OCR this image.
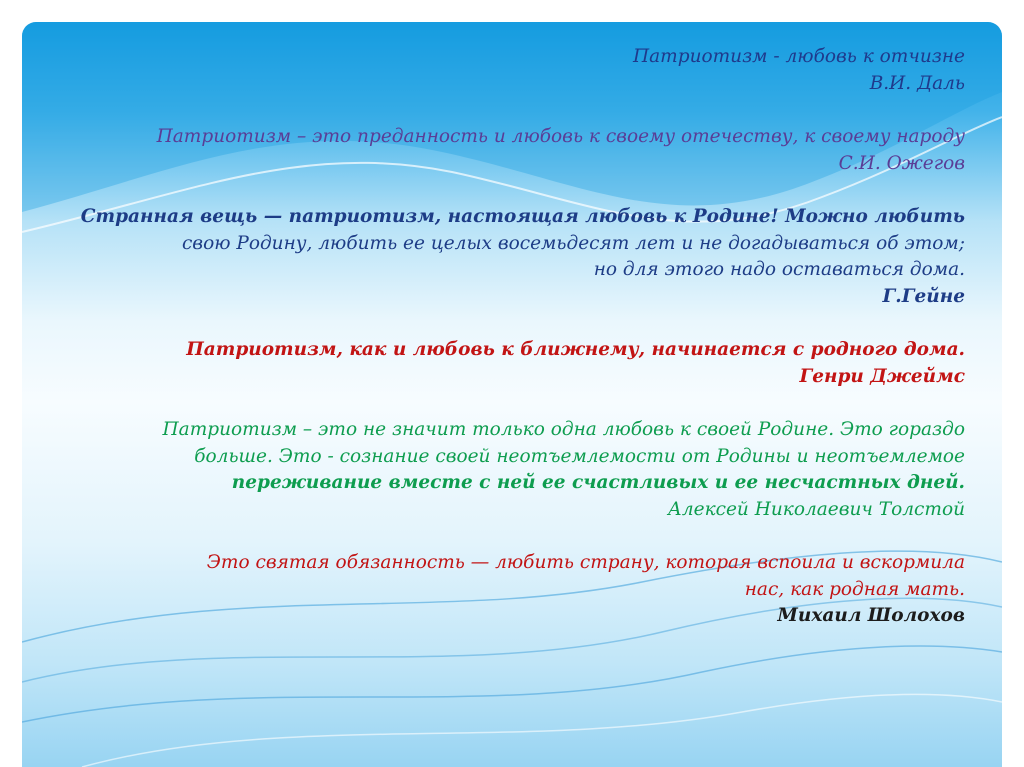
Патриотизм - любовь к отчизне

В.И. Даль

Патриотизм – это преданность и любовь к своему отечеству, к своему народу

С.И. Ожегов

Странная вещь — патриотизм, настоящая любовь к Родине! Можно любить

свою Родину, любить ее целых восемьдесят лет и не догадываться об этом;

но для этого надо оставаться дома.

Г.Гейне

Патриотизм, как и любовь к ближнему, начинается с родного дома.

Генри Джеймс

Патриотизм – это не значит только одна любовь к своей Родине. Это гораздо

больше. Это - сознание своей неотъемлемости от Родины и неотъемлемое

переживание вместе с ней ее счастливых и ее несчастных дней.

Алексей Николаевич Толстой

Это святая обязанность — любить страну, которая вспоила и вскормила

нас, как родная мать.

Михаил Шолохов
